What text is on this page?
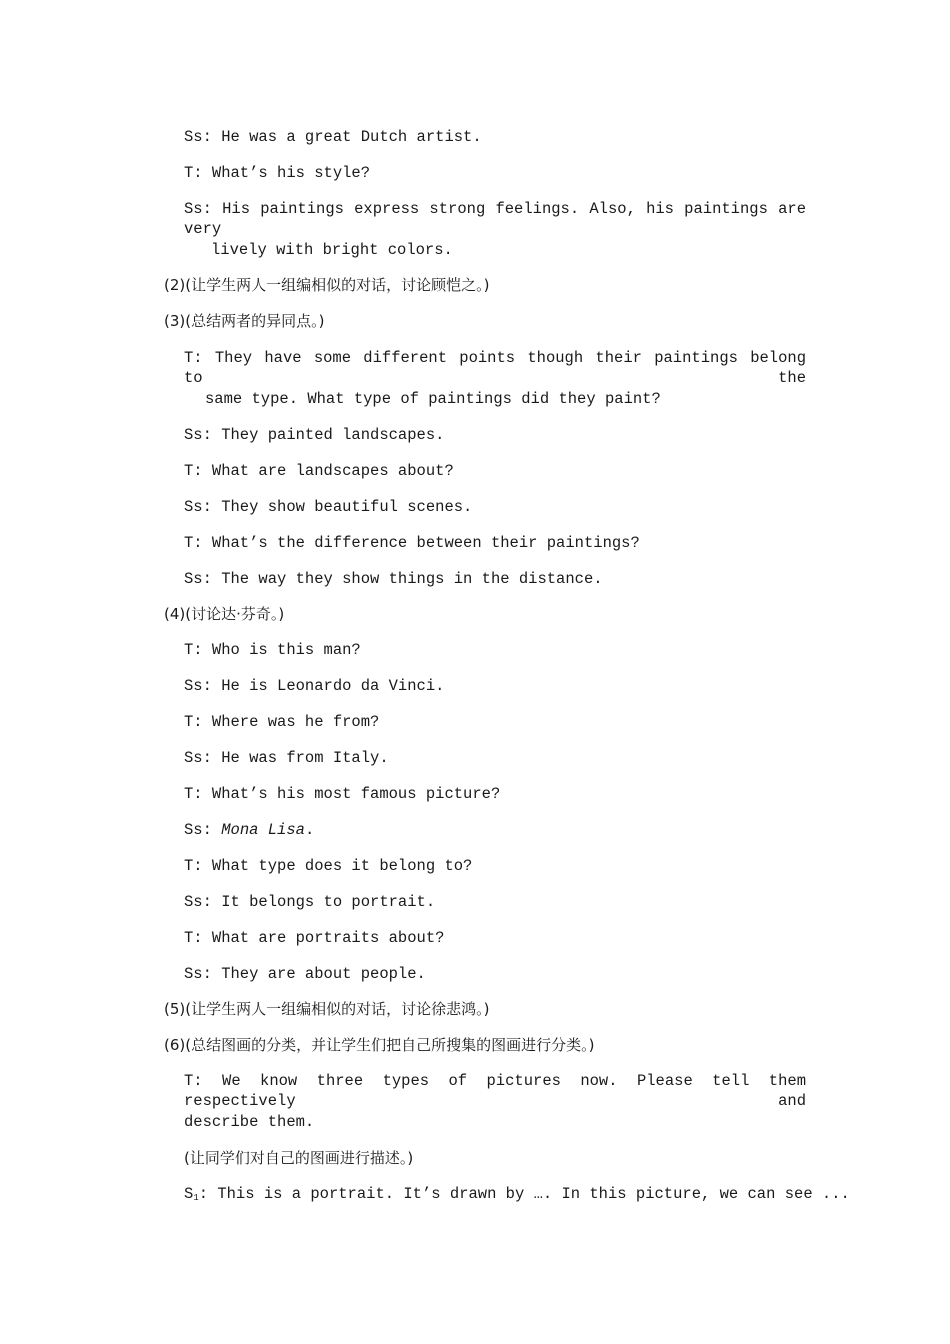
Ss: He was a great Dutch artist.
T: What’s his style?
Ss: His paintings express strong feelings. Also, his paintings are very
lively with bright colors.
(2)(让学生两人一组编相似的对话，讨论顾恺之。)
(3)(总结两者的异同点。)
T: They have some different points though their paintings belong to the
same type. What type of paintings did they paint?
Ss: They painted landscapes.
T: What are landscapes about?
Ss: They show beautiful scenes.
T: What’s the difference between their paintings?
Ss: The way they show things in the distance.
(4)(讨论达·芬奇。)
T: Who is this man?
Ss: He is Leonardo da Vinci.
T: Where was he from?
Ss: He was from Italy.
T: What’s his most famous picture?
Ss: Mona Lisa.
T: What type does it belong to?
Ss: It belongs to portrait.
T: What are portraits about?
Ss: They are about people.
(5)(让学生两人一组编相似的对话，讨论徐悲鸿。)
(6)(总结图画的分类，并让学生们把自己所搜集的图画进行分类。)
T: We know three types of pictures now. Please tell them respectively and
describe them.
(让同学们对自己的图画进行描述。)
$S_1$: This is a portrait. It’s drawn by …. In this picture, we can see ...
